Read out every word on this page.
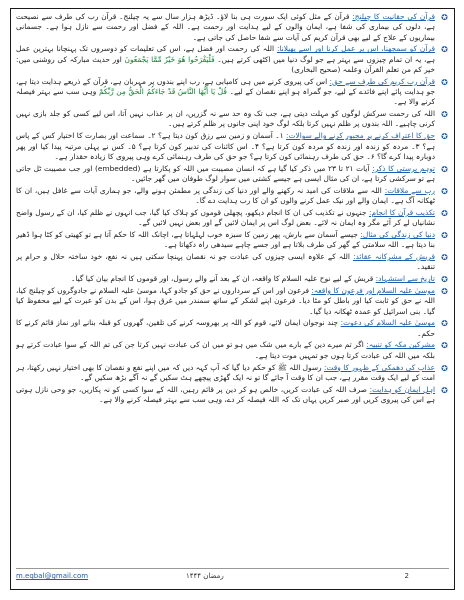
✪
قرآن کی حقانیت کا چیلنج: قرآن کے مثل کوئی ایک سورت ہی بنا لاؤ۔ ڈیڑھ ہزار سال سے یہ چیلنج۔ قرآن رب کی طرف سے نصیحت ہے، دلوں کی بیماری کی شفا ہے، ایمان والوں کے لیے ہدایت اور رحمت ہے۔ اللہ کے فضل اور رحمت سے نازل ہوا ہے۔ جسمانی بیماریوں کے علاج کے لیے بھی قرآن کریم کی آیات سے شفا حاصل کی جاتی ہے۔
✪
قرآن کو سمجھنا، اس پر عمل کرنا اور اسے پھیلانا: اللہ کی رحمت اور فضل ہے، اس کی تعلیمات کو دوسروں تک پہنچانا بہترین عمل ہے، یہ ان تمام چیزوں سے بہتر ہے جو لوگ دنیا میں اکٹھی کرتے ہیں۔ فَلْيَفْرَحُوا هُوَ خَيْرٌ مِّمَّا يَجْمَعُونَ اور حدیث مبارکہ کی روشنی میں: خیر کم من تعلم القرآن وعلمہ (صحیح البخاری)
✪
قرآن رب کریم کی طرف سے حق: اس کی پیروی کرنے میں ہی کامیابی ہے، رب اپنے بندوں پر مہربان ہے، قرآن کے ذریعے ہدایت دیتا ہے، جو ہدایت پائے اپنے فائدے کے لیے، جو گمراہ ہو اپنے نقصان کے لیے۔ قُلْ يَا أَيُّهَا النَّاسُ قَدْ جَاءَكُمُ الْحَقُّ مِن رَّبِّكُمْ وہی سب سے بہتر فیصلہ کرنے والا ہے۔
✪
اللہ کی رحمت سرکش لوگوں کو مہلت دیتی ہے، جب تک وہ حد سے نہ گزریں، ان پر عذاب نہیں آتا، اس لیے کسی کو جلد بازی نہیں کرنی چاہیے۔ اللہ بندوں پر ظلم نہیں کرتا بلکہ لوگ خود اپنی جانوں پر ظلم کرتے ہیں۔
✪
حق کا اعتراف کرنے پر مجبور کرنے والے سوالات: ۱۔ آسمان و زمین سے رزق کون دیتا ہے؟ ۲۔ سماعت اور بصارت کا اختیار کس کے پاس ہے؟ ۳۔ مردہ کو زندہ اور زندہ کو مردہ کون کرتا ہے؟ ۴۔ اس کائنات کی تدبیر کون کرتا ہے؟ ۵۔ کس نے پہلی مرتبہ پیدا کیا اور پھر دوبارہ پیدا کرے گا؟ ۶۔ حق کی طرف رہنمائی کون کرتا ہے؟ جو حق کی طرف رہنمائی کرے وہی پیروی کا زیادہ حقدار ہے۔
✪
توہم پرستی کا ذکر: آیات ۲۱ تا ۲۳ میں ذکر کیا گیا ہے کہ انسان مصیبت میں اللہ کو پکارتا ہے (embedded) اور جب مصیبت ٹل جاتی ہے تو سرکشی کرتا ہے، ان کی مثال ایسی ہے جیسے کشتی میں سوار لوگ طوفان میں گھر جائیں۔
✪
رب سے ملاقات: اللہ سے ملاقات کی امید نہ رکھنے والے اور دنیا کی زندگی پر مطمئن ہونے والے، جو ہماری آیات سے غافل ہیں، ان کا ٹھکانہ آگ ہے۔ ایمان والے اور نیک عمل کرنے والوں کو ان کا رب ہدایت دے گا۔
✪
تکذیب قرآن کا انجام: جنہوں نے تکذیب کی ان کا انجام دیکھو، پچھلی قوموں کو ہلاک کیا گیا، جب انہوں نے ظلم کیا، ان کے رسول واضح نشانیاں لے کر آئے مگر وہ ایمان نہ لائے۔ بعض لوگ اس پر ایمان لائیں گے اور بعض نہیں لائیں گے۔
✪
دنیا کی زندگی کی مثال: جیسے آسمان سے بارش، پھر زمین کا سبزہ خوب لہلہاتا ہے، اچانک اللہ کا حکم آتا ہے تو کھیتی کو کٹا ہوا ڈھیر بنا دیتا ہے۔ اللہ سلامتی کے گھر کی طرف بلاتا ہے اور جسے چاہے سیدھی راہ دکھاتا ہے۔
✪
قریش کے مشرکانہ عقائد: اللہ کے علاوہ ایسی چیزوں کی عبادت جو نہ نقصان پہنچا سکتی ہیں نہ نفع، خود ساختہ حلال و حرام پر تنقید۔
✪
تاریخ سے استشہاد: قریش کے لیے نوح علیہ السلام کا واقعہ، ان کے بعد آنے والے رسول، اور قوموں کا انجام بیان کیا گیا۔
✪
موسیٰ علیہ السلام اور فرعون کا واقعہ: فرعون اور اس کے سرداروں نے حق کو جادو کہا، موسیٰ علیہ السلام نے جادوگروں کو چیلنج کیا، اللہ نے حق کو ثابت کیا اور باطل کو مٹا دیا۔ فرعون اپنے لشکر کے ساتھ سمندر میں غرق ہوا، اس کے بدن کو عبرت کے لیے محفوظ کیا گیا۔ بنی اسرائیل کو عمدہ ٹھکانہ دیا گیا۔
✪
موسیٰ علیہ السلام کی دعوت: چند نوجوان ایمان لائے، قوم کو اللہ پر بھروسہ کرنے کی تلقین، گھروں کو قبلہ بنانے اور نماز قائم کرنے کا حکم۔
✪
مشرکین مکہ کو تنبیہ: اگر تم میرے دین کے بارے میں شک میں ہو تو میں ان کی عبادت نہیں کرتا جن کی تم اللہ کے سوا عبادت کرتے ہو بلکہ میں اللہ کی عبادت کرتا ہوں جو تمہیں موت دیتا ہے۔
✪
عذاب کی دھمکی کے ظہور کا وقت: رسول اللہ ﷺ کو حکم دیا گیا کہ آپ کہہ دیں کہ میں اپنے نفع و نقصان کا بھی اختیار نہیں رکھتا، ہر امت کے لیے ایک وقت مقرر ہے، جب ان کا وقت آ جائے گا تو نہ ایک گھڑی پیچھے ہٹ سکیں گے نہ آگے بڑھ سکیں گے۔
✪
اہل ایمان کو ہدایت: صرف اللہ کی عبادت کریں، خالص ہو کر دین پر قائم رہیں، اللہ کے سوا کسی کو نہ پکاریں، جو وحی نازل ہوتی ہے اس کی پیروی کریں اور صبر کریں یہاں تک کہ اللہ فیصلہ کر دے، وہی سب سے بہتر فیصلہ کرنے والا ہے۔
m.eqbal@gmail.com	رمضان ۱۴۴۴	2
